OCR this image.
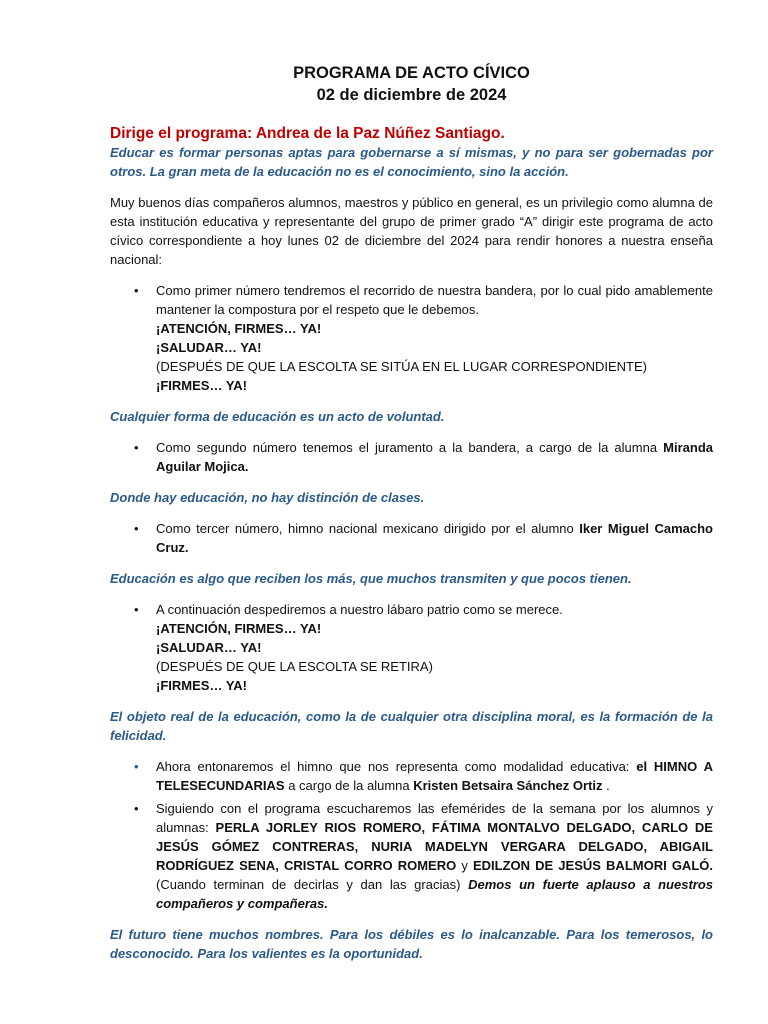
PROGRAMA DE ACTO CÍVICO

02 de diciembre de 2024

Dirige el programa: Andrea de la Paz Núñez Santiago.

Educar es formar personas aptas para gobernarse a sí mismas, y no para ser gobernadas por otros. La gran meta de la educación no es el conocimiento, sino la acción.

Muy buenos días compañeros alumnos, maestros y público en general, es un privilegio como alumna de esta institución educativa y representante del grupo de primer grado “A” dirigir este programa de acto cívico correspondiente a hoy lunes 02 de diciembre del 2024 para rendir honores a nuestra enseña nacional:

• Como primer número tendremos el recorrido de nuestra bandera, por lo cual pido amablemente mantener la compostura por el respeto que le debemos.
¡ATENCIÓN, FIRMES… YA!
¡SALUDAR… YA!
(DESPUÉS DE QUE LA ESCOLTA SE SITÚA EN EL LUGAR CORRESPONDIENTE)
¡FIRMES… YA!

Cualquier forma de educación es un acto de voluntad.

• Como segundo número tenemos el juramento a la bandera, a cargo de la alumna Miranda Aguilar Mojica.

Donde hay educación, no hay distinción de clases.

• Como tercer número, himno nacional mexicano dirigido por el alumno Iker Miguel Camacho Cruz.

Educación es algo que reciben los más, que muchos transmiten y que pocos tienen.

• A continuación despediremos a nuestro lábaro patrio como se merece.
¡ATENCIÓN, FIRMES… YA!
¡SALUDAR… YA!
(DESPUÉS DE QUE LA ESCOLTA SE RETIRA)
¡FIRMES… YA!

El objeto real de la educación, como la de cualquier otra disciplina moral, es la formación de la felicidad.

• Ahora entonaremos el himno que nos representa como modalidad educativa: el HIMNO A TELESECUNDARIAS a cargo de la alumna Kristen Betsaira Sánchez Ortiz .
• Siguiendo con el programa escucharemos las efemérides de la semana por los alumnos y alumnas: PERLA JORLEY RIOS ROMERO, FÁTIMA MONTALVO DELGADO, CARLO DE JESÚS GÓMEZ CONTRERAS, NURIA MADELYN VERGARA DELGADO, ABIGAIL RODRÍGUEZ SENA, CRISTAL CORRO ROMERO y EDILZON DE JESÚS BALMORI GALÓ. (Cuando terminan de decirlas y dan las gracias) Demos un fuerte aplauso a nuestros compañeros y compañeras.

El futuro tiene muchos nombres. Para los débiles es lo inalcanzable. Para los temerosos, lo desconocido. Para los valientes es la oportunidad.
